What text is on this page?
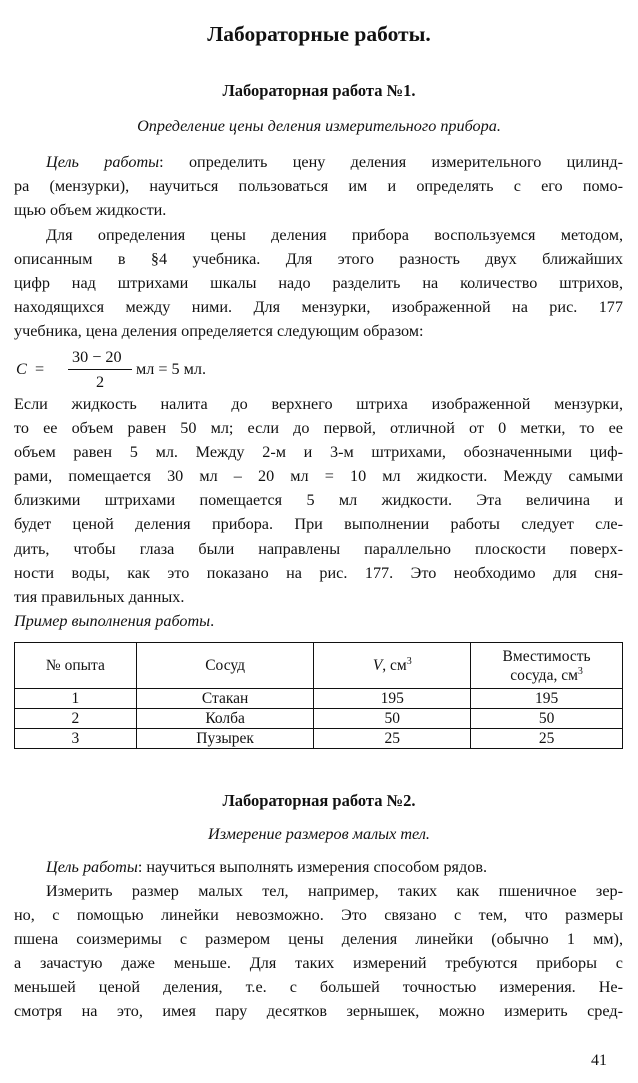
Лабораторные работы.
Лабораторная работа №1.
Определение цены деления измерительного прибора.
Цель работы: определить цену деления измерительного цилинд-
ра (мензурки), научиться пользоваться им и определять с его помо-
щью объем жидкости.
Для определения цены деления прибора воспользуемся методом,
описанным в §4 учебника. Для этого разность двух ближайших
цифр над штрихами шкалы надо разделить на количество штрихов,
находящихся между ними. Для мензурки, изображенной на рис. 177
учебника, цена деления определяется следующим образом:
C =
30 − 20
2
мл = 5 мл.
Если жидкость налита до верхнего штриха изображенной мензурки,
то ее объем равен 50 мл; если до первой, отличной от 0 метки, то ее
объем равен 5 мл. Между 2-м и 3-м штрихами, обозначенными циф-
рами, помещается 30 мл – 20 мл = 10 мл жидкости. Между самыми
близкими штрихами помещается 5 мл жидкости. Эта величина и
будет ценой деления прибора. При выполнении работы следует сле-
дить, чтобы глаза были направлены параллельно плоскости поверх-
ности воды, как это показано на рис. 177. Это необходимо для сня-
тия правильных данных.
Пример выполнения работы.
№ опыта	Сосуд	V, $см^3$	Вместимость
сосуда, $см^3$
1	Стакан	195	195
2	Колба	50	50
3	Пузырек	25	25
Лабораторная работа №2.
Измерение размеров малых тел.
Цель работы: научиться выполнять измерения способом рядов.
Измерить размер малых тел, например, таких как пшеничное зер-
но, с помощью линейки невозможно. Это связано с тем, что размеры
пшена соизмеримы с размером цены деления линейки (обычно 1 мм),
а зачастую даже меньше. Для таких измерений требуются приборы с
меньшей ценой деления, т.е. с большей точностью измерения. Не-
смотря на это, имея пару десятков зернышек, можно измерить сред-
41
